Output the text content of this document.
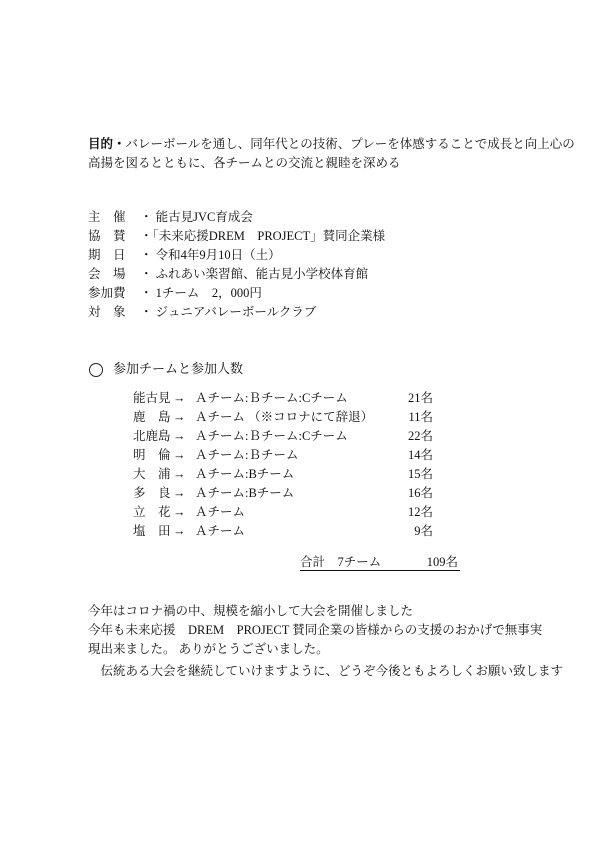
目的・バレーボールを通し、同年代との技術、プレーを体感することで成長と向上心の
高揚を図るとともに、各チームとの交流と親睦を深める
主　催 ・ 能古見JVC育成会
協　賛 ・「未来応援DREM　PROJECT」賛同企業様
期　日 ・ 令和4年9月10日（土）
会　場 ・ ふれあい楽習館、能古見小学校体育館
参加費 ・ 1チーム　2，000円
対　象 ・ ジュニアバレーボールクラブ
参加チームと参加人数
能古見 → Ａチーム:Ｂチーム:Cチーム	21名
鹿　島 → Ａチーム （※コロナにて辞退）	11名
北鹿島 → Ａチーム:Ｂチーム:Cチーム	22名
明　倫 → Ａチーム:Ｂチーム	14名
大　浦 → Ａチーム:Bチーム	15名
多　良 → Ａチーム:Bチーム	16名
立　花 → Ａチーム	12名
塩　田 → Ａチーム	9名
合計 7チーム	109名
今年はコロナ禍の中、規模を縮小して大会を開催しました
今年も未来応援　DREM　PROJECT 賛同企業の皆様からの支援のおかげで無事実
現出来ました。 ありがとうございました。
　伝統ある大会を継続していけますように、どうぞ今後ともよろしくお願い致します
